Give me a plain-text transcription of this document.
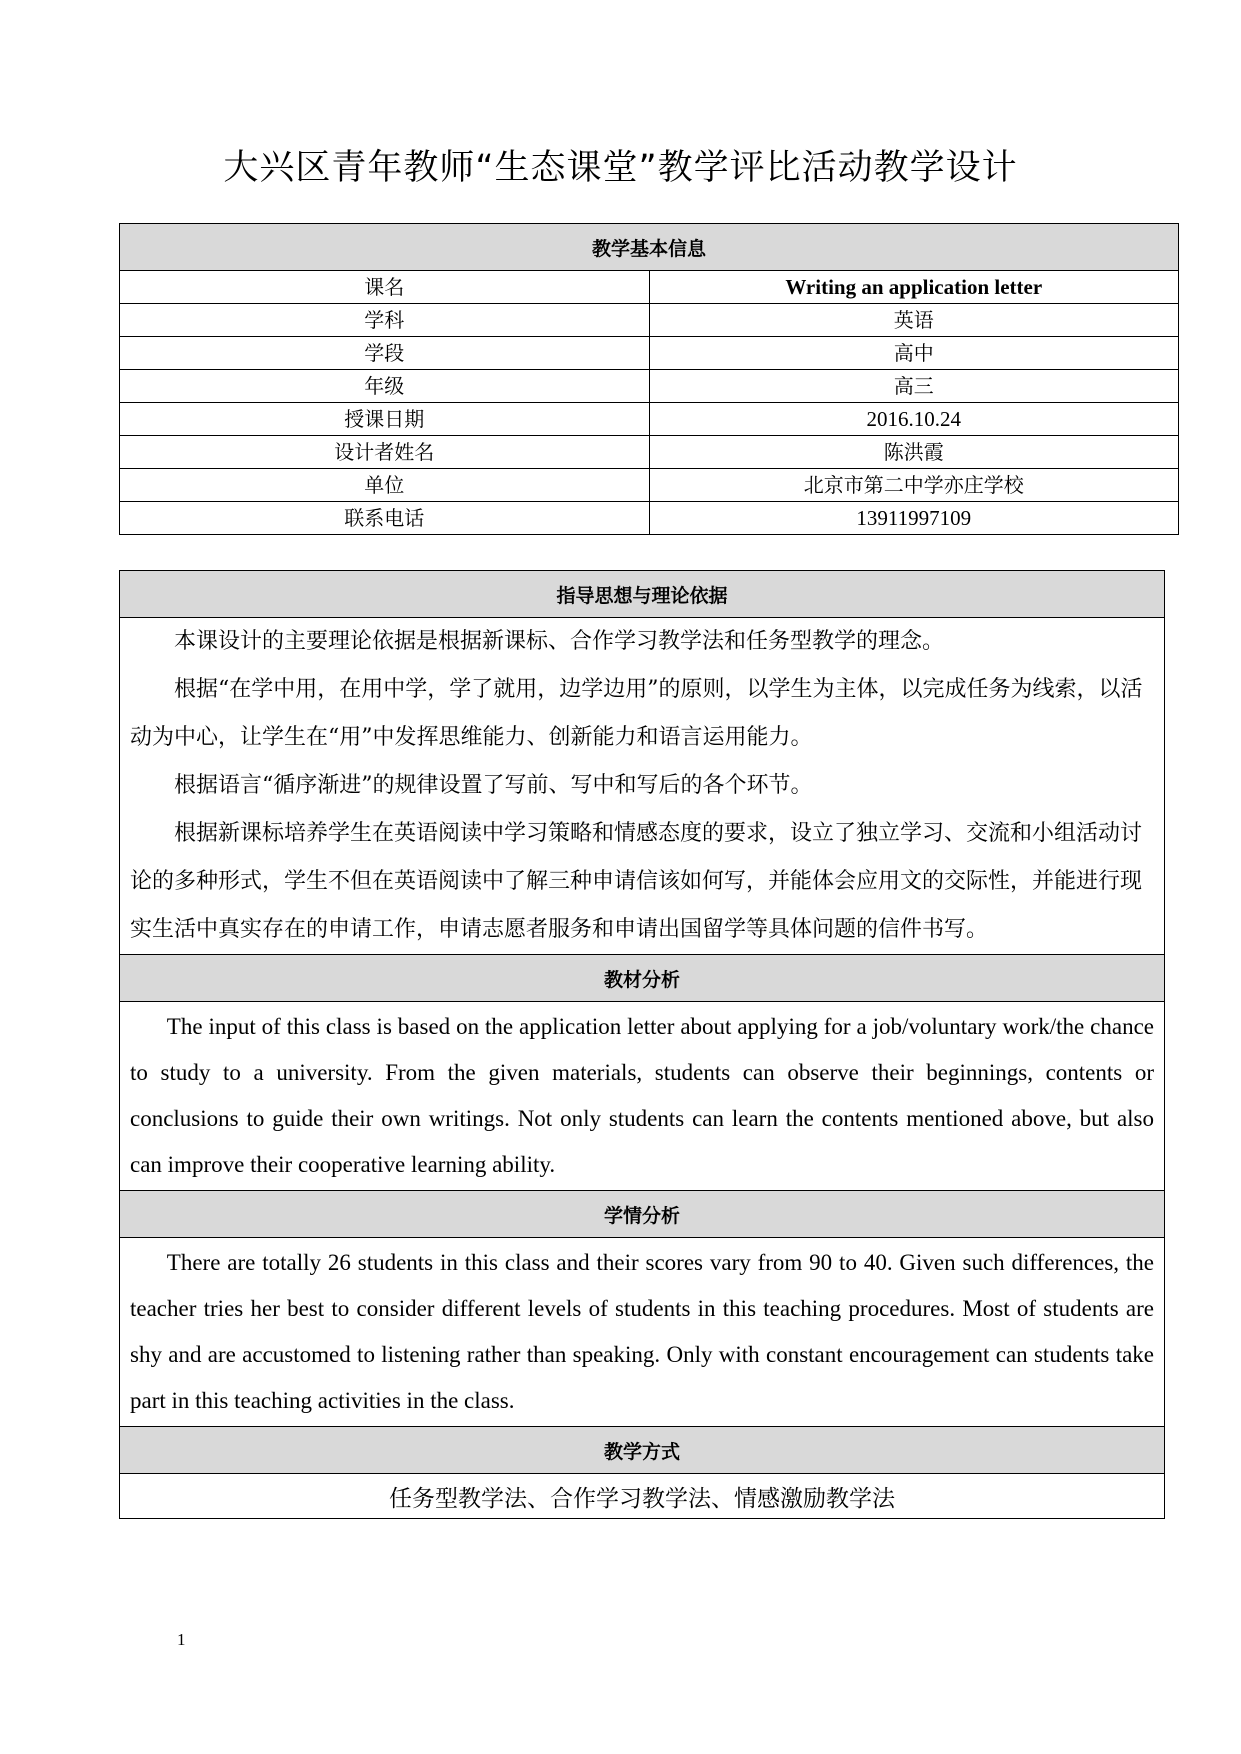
大兴区青年教师“生态课堂”教学评比活动教学设计
教学基本信息	
课名	Writing an application letter
学科	英语
学段	高中
年级	高三
授课日期	2016.10.24
设计者姓名	陈洪霞
单位	北京市第二中学亦庄学校
联系电话	13911997109
指导思想与理论依据

本课设计的主要理论依据是根据新课标、合作学习教学法和任务型教学的理念。

根据“在学中用，在用中学，学了就用，边学边用”的原则，以学生为主体，以完成任务为线索，以活动为中心，让学生在“用”中发挥思维能力、创新能力和语言运用能力。

根据语言“循序渐进”的规律设置了写前、写中和写后的各个环节。

根据新课标培养学生在英语阅读中学习策略和情感态度的要求，设立了独立学习、交流和小组活动讨论的多种形式，学生不但在英语阅读中了解三种申请信该如何写，并能体会应用文的交际性，并能进行现实生活中真实存在的申请工作，申请志愿者服务和申请出国留学等具体问题的信件书写。

教材分析

The input of this class is based on the application letter about applying for a job/voluntary work/the chance to study to a university. From the given materials, students can observe their beginnings, contents or conclusions to guide their own writings. Not only students can learn the contents mentioned above, but also can improve their cooperative learning ability.

学情分析

There are totally 26 students in this class and their scores vary from 90 to 40. Given such differences, the teacher tries her best to consider different levels of students in this teaching procedures. Most of students are shy and are accustomed to listening rather than speaking. Only with constant encouragement can students take part in this teaching activities in the class.

教学方式
任务型教学法、合作学习教学法、情感激励教学法
1
